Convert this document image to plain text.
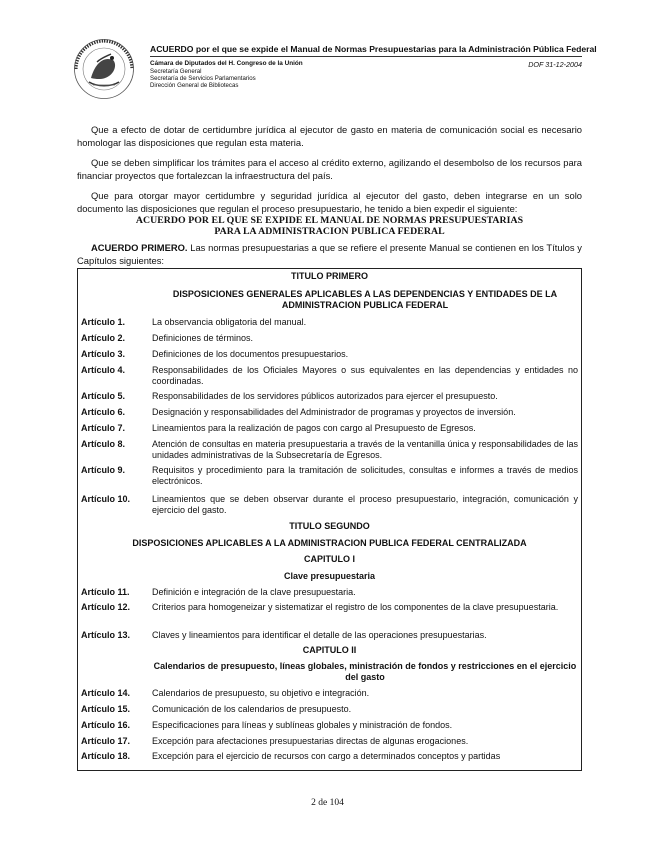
ACUERDO por el que se expide el Manual de Normas Presupuestarias para la Administración Pública Federal
Cámara de Diputados del H. Congreso de la Unión
Secretaría General
Secretaría de Servicios Parlamentarios
Dirección General de Bibliotecas
DOF 31-12-2004
Que a efecto de dotar de certidumbre jurídica al ejecutor de gasto en materia de comunicación social es necesario homologar las disposiciones que regulan esta materia.
Que se deben simplificar los trámites para el acceso al crédito externo, agilizando el desembolso de los recursos para financiar proyectos que fortalezcan la infraestructura del país.
Que para otorgar mayor certidumbre y seguridad jurídica al ejecutor del gasto, deben integrarse en un solo documento las disposiciones que regulan el proceso presupuestario, he tenido a bien expedir el siguiente:
ACUERDO POR EL QUE SE EXPIDE EL MANUAL DE NORMAS PRESUPUESTARIAS
PARA LA ADMINISTRACION PUBLICA FEDERAL
ACUERDO PRIMERO. Las normas presupuestarias a que se refiere el presente Manual se contienen en los Títulos y Capítulos siguientes:
TITULO PRIMERO
DISPOSICIONES GENERALES APLICABLES A LAS DEPENDENCIAS Y ENTIDADES DE LA ADMINISTRACION PUBLICA FEDERAL
Artículo 1.	La observancia obligatoria del manual.
Artículo 2.	Definiciones de términos.
Artículo 3.	Definiciones de los documentos presupuestarios.
Artículo 4.	Responsabilidades de los Oficiales Mayores o sus equivalentes en las dependencias y entidades no coordinadas.
Artículo 5.	Responsabilidades de los servidores públicos autorizados para ejercer el presupuesto.
Artículo 6.	Designación y responsabilidades del Administrador de programas y proyectos de inversión.
Artículo 7.	Lineamientos para la realización de pagos con cargo al Presupuesto de Egresos.
Artículo 8.	Atención de consultas en materia presupuestaria a través de la ventanilla única y responsabilidades de las unidades administrativas de la Subsecretaría de Egresos.
Artículo 9.	Requisitos y procedimiento para la tramitación de solicitudes, consultas e informes a través de medios electrónicos.
Artículo 10. Lineamientos que se deben observar durante el proceso presupuestario, integración, comunicación y ejercicio del gasto.
TITULO SEGUNDO
DISPOSICIONES APLICABLES A LA ADMINISTRACION PUBLICA FEDERAL CENTRALIZADA
CAPITULO I
Clave presupuestaria
Artículo 11. Definición e integración de la clave presupuestaria.
Artículo 12. Criterios para homogeneizar y sistematizar el registro de los componentes de la clave presupuestaria.
Artículo 13. Claves y lineamientos para identificar el detalle de las operaciones presupuestarias.
CAPITULO II
Calendarios de presupuesto, líneas globales, ministración de fondos y restricciones en el ejercicio del gasto
Artículo 14. Calendarios de presupuesto, su objetivo e integración.
Artículo 15. Comunicación de los calendarios de presupuesto.
Artículo 16. Especificaciones para líneas y sublíneas globales y ministración de fondos.
Artículo 17. Excepción para afectaciones presupuestarias directas de algunas erogaciones.
Artículo 18. Excepción para el ejercicio de recursos con cargo a determinados conceptos y partidas
2 de 104
